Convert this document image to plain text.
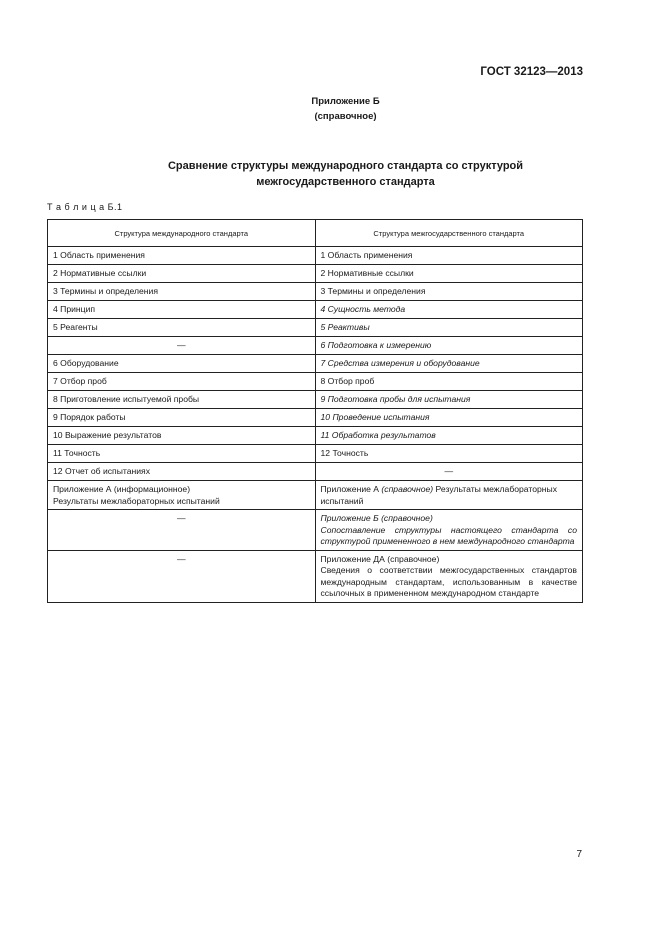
ГОСТ 32123—2013
Приложение Б
(справочное)
Сравнение структуры международного стандарта со структурой
межгосударственного стандарта
Т а б л и ц а Б.1
Структура международного стандарта	Структура межгосударственного стандарта
1 Область применения	1 Область применения
2 Нормативные ссылки	2 Нормативные ссылки
3 Термины и определения	3 Термины и определения
4 Принцип	4 Сущность метода
5 Реагенты	5 Реактивы
—	6 Подготовка к измерению
6 Оборудование	7 Средства измерения и оборудование
7 Отбор проб	8 Отбор проб
8 Приготовление испытуемой пробы	9 Подготовка пробы для испытания
9 Порядок работы	10 Проведение испытания
10 Выражение результатов	11 Обработка результатов
11 Точность	12 Точность
12 Отчет об испытаниях	—

Приложение А (информационное)
Результаты межлабораторных испытаний	Приложение А (справочное) Результаты межлабораторных испытаний
—	Приложение Б (справочное)
Сопоставление структуры настоящего стандарта со структурой примененного в нем международного стандарта

—	Приложение ДА (справочное)
Сведения о соответствии межгосударственных стандартов международным стандартам, использованным в качестве ссылочных в примененном международном стандарте
7
